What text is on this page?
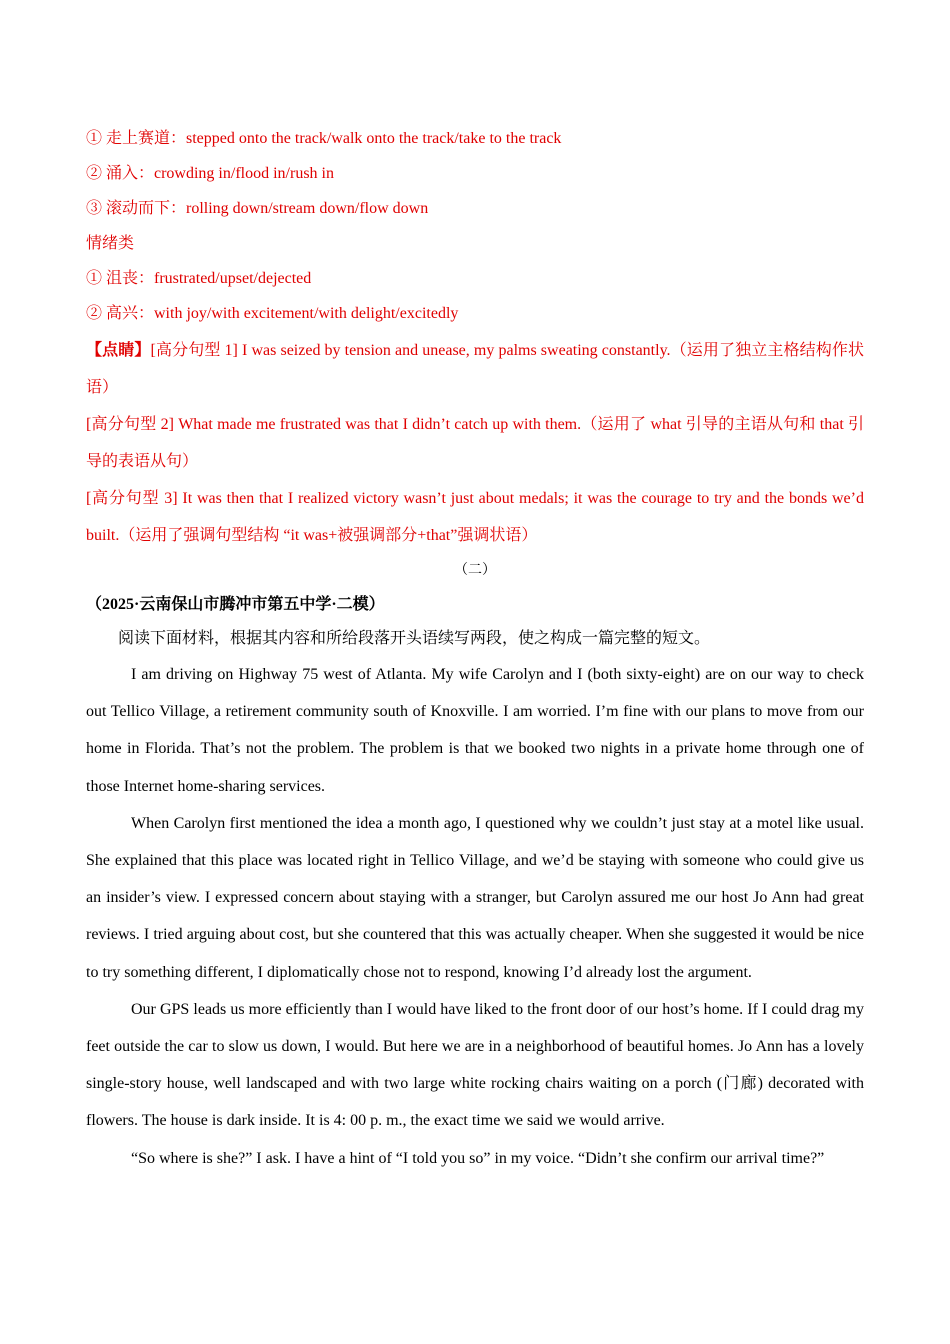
① 走上赛道：stepped onto the track/walk onto the track/take to the track

② 涌入：crowding in/flood in/rush in

③ 滚动而下：rolling down/stream down/flow down

情绪类

① 沮丧：frustrated/upset/dejected

② 高兴：with joy/with excitement/with delight/excitedly

【点睛】[高分句型 1] I was seized by tension and unease, my palms sweating constantly.（运用了独立主格结构作状语）

[高分句型 2] What made me frustrated was that I didn’t catch up with them.（运用了 what 引导的主语从句和 that 引导的表语从句）

[高分句型 3] It was then that I realized victory wasn’t just about medals; it was the courage to try and the bonds we’d built.（运用了强调句型结构 “it was+被强调部分+that”强调状语）

（二）

（2025·云南保山市腾冲市第五中学·二模）

阅读下面材料，根据其内容和所给段落开头语续写两段，使之构成一篇完整的短文。

I am driving on Highway 75 west of Atlanta. My wife Carolyn and I (both sixty-eight) are on our way to check out Tellico Village, a retirement community south of Knoxville. I am worried. I’m fine with our plans to move from our home in Florida. That’s not the problem. The problem is that we booked two nights in a private home through one of those Internet home-sharing services.

When Carolyn first mentioned the idea a month ago, I questioned why we couldn’t just stay at a motel like usual. She explained that this place was located right in Tellico Village, and we’d be staying with someone who could give us an insider’s view. I expressed concern about staying with a stranger, but Carolyn assured me our host Jo Ann had great reviews. I tried arguing about cost, but she countered that this was actually cheaper. When she suggested it would be nice to try something different, I diplomatically chose not to respond, knowing I’d already lost the argument.

Our GPS leads us more efficiently than I would have liked to the front door of our host’s home. If I could drag my feet outside the car to slow us down, I would. But here we are in a neighborhood of beautiful homes. Jo Ann has a lovely single-story house, well landscaped and with two large white rocking chairs waiting on a porch (门廊) decorated with flowers. The house is dark inside. It is 4: 00 p. m., the exact time we said we would arrive.

“So where is she?” I ask. I have a hint of “I told you so” in my voice. “Didn’t she confirm our arrival time?”
